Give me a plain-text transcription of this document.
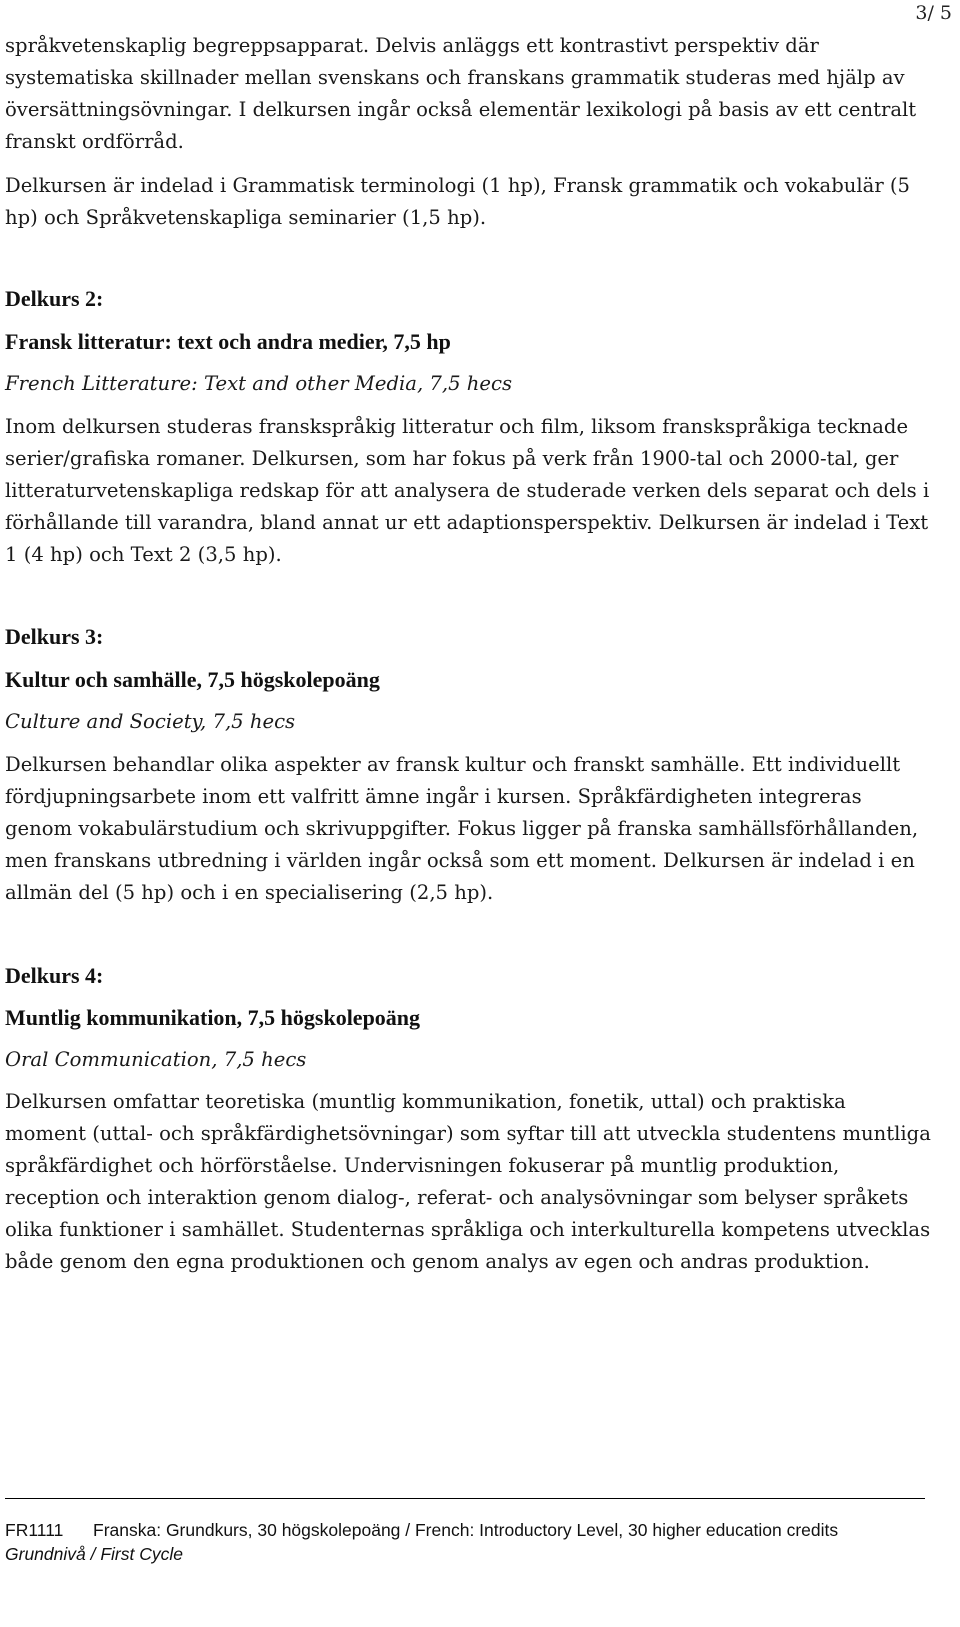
3/ 5

språkvetenskaplig begreppsapparat. Delvis anläggs ett kontrastivt perspektiv där systematiska skillnader mellan svenskans och franskans grammatik studeras med hjälp av översättningsövningar. I delkursen ingår också elementär lexikologi på basis av ett centralt franskt ordförråd.

Delkursen är indelad i Grammatisk terminologi (1 hp), Fransk grammatik och vokabulär (5 hp) och Språkvetenskapliga seminarier (1,5 hp).

Delkurs 2:
Fransk litteratur: text och andra medier, 7,5 hp
French Litterature: Text and other Media, 7,5 hecs

Inom delkursen studeras franskspråkig litteratur och film, liksom franskspråkiga tecknade serier/grafiska romaner. Delkursen, som har fokus på verk från 1900-tal och 2000-tal, ger litteraturvetenskapliga redskap för att analysera de studerade verken dels separat och dels i förhållande till varandra, bland annat ur ett adaptionsperspektiv. Delkursen är indelad i Text 1 (4 hp) och Text 2 (3,5 hp).

Delkurs 3:
Kultur och samhälle, 7,5 högskolepoäng
Culture and Society, 7,5 hecs

Delkursen behandlar olika aspekter av fransk kultur och franskt samhälle. Ett individuellt fördjupningsarbete inom ett valfritt ämne ingår i kursen. Språkfärdigheten integreras genom vokabulärstudium och skrivuppgifter. Fokus ligger på franska samhällsförhållanden, men franskans utbredning i världen ingår också som ett moment. Delkursen är indelad i en allmän del (5 hp) och i en specialisering (2,5 hp).

Delkurs 4:
Muntlig kommunikation, 7,5 högskolepoäng
Oral Communication, 7,5 hecs

Delkursen omfattar teoretiska (muntlig kommunikation, fonetik, uttal) och praktiska moment (uttal- och språkfärdighetsövningar) som syftar till att utveckla studentens muntliga språkfärdighet och hörförståelse. Undervisningen fokuserar på muntlig produktion, reception och interaktion genom dialog-, referat- och analysövningar som belyser språkets olika funktioner i samhället. Studenternas språkliga och interkulturella kompetens utvecklas både genom den egna produktionen och genom analys av egen och andras produktion.

FR1111 Franska: Grundkurs, 30 högskolepoäng / French: Introductory Level, 30 higher education credits
Grundnivå / First Cycle
